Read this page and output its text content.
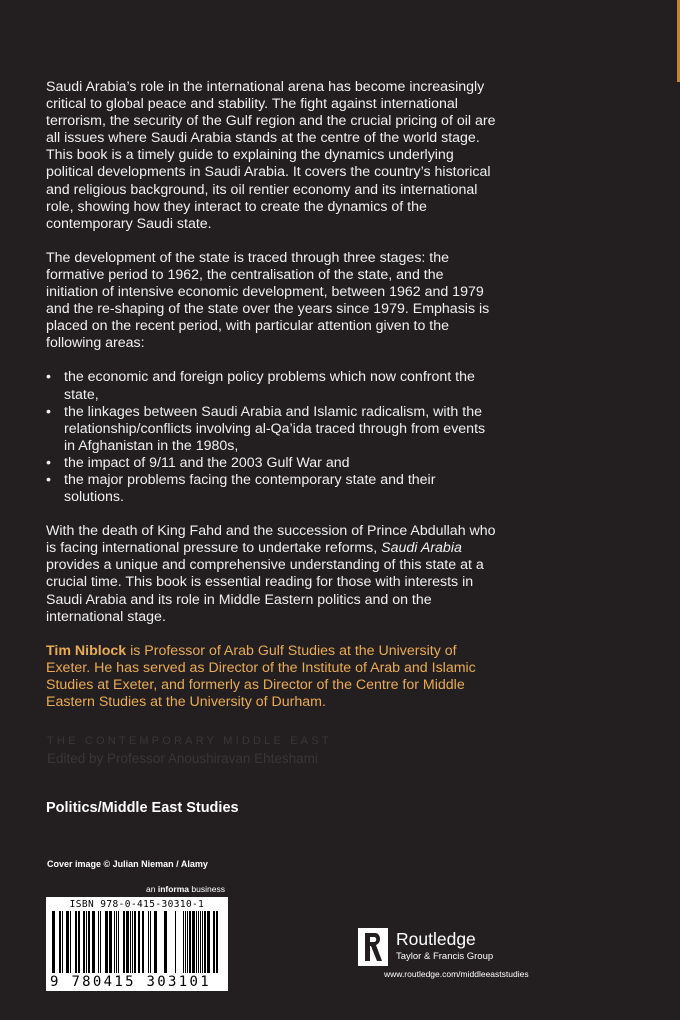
Saudi Arabia’s role in the international arena has become increasingly critical to global peace and stability. The fight against international terrorism, the security of the Gulf region and the crucial pricing of oil are all issues where Saudi Arabia stands at the centre of the world stage. This book is a timely guide to explaining the dynamics underlying political developments in Saudi Arabia. It covers the country’s historical and religious background, its oil rentier economy and its international role, showing how they interact to create the dynamics of the contemporary Saudi state.

The development of the state is traced through three stages: the formative period to 1962, the centralisation of the state, and the initiation of intensive economic development, between 1962 and 1979 and the re-shaping of the state over the years since 1979. Emphasis is placed on the recent period, with particular attention given to the following areas:

• the economic and foreign policy problems which now confront the state,
• the linkages between Saudi Arabia and Islamic radicalism, with the relationship/conflicts involving al-Qa’ida traced through from events in Afghanistan in the 1980s,
• the impact of 9/11 and the 2003 Gulf War and
• the major problems facing the contemporary state and their solutions.

With the death of King Fahd and the succession of Prince Abdullah who is facing international pressure to undertake reforms, Saudi Arabia provides a unique and comprehensive understanding of this state at a crucial time. This book is essential reading for those with interests in Saudi Arabia and its role in Middle Eastern politics and on the international stage.

Tim Niblock is Professor of Arab Gulf Studies at the University of Exeter. He has served as Director of the Institute of Arab and Islamic Studies at Exeter, and formerly as Director of the Centre for Middle Eastern Studies at the University of Durham.

THE CONTEMPORARY MIDDLE EAST
Edited by Professor Anoushiravan Ehteshami
Politics/Middle East Studies
Cover image © Julian Nieman / Alamy
an informa business
ISBN 978-0-415-30310-1
9 780415 303101
Routledge
Taylor & Francis Group
www.routledge.com/middleeaststudies
